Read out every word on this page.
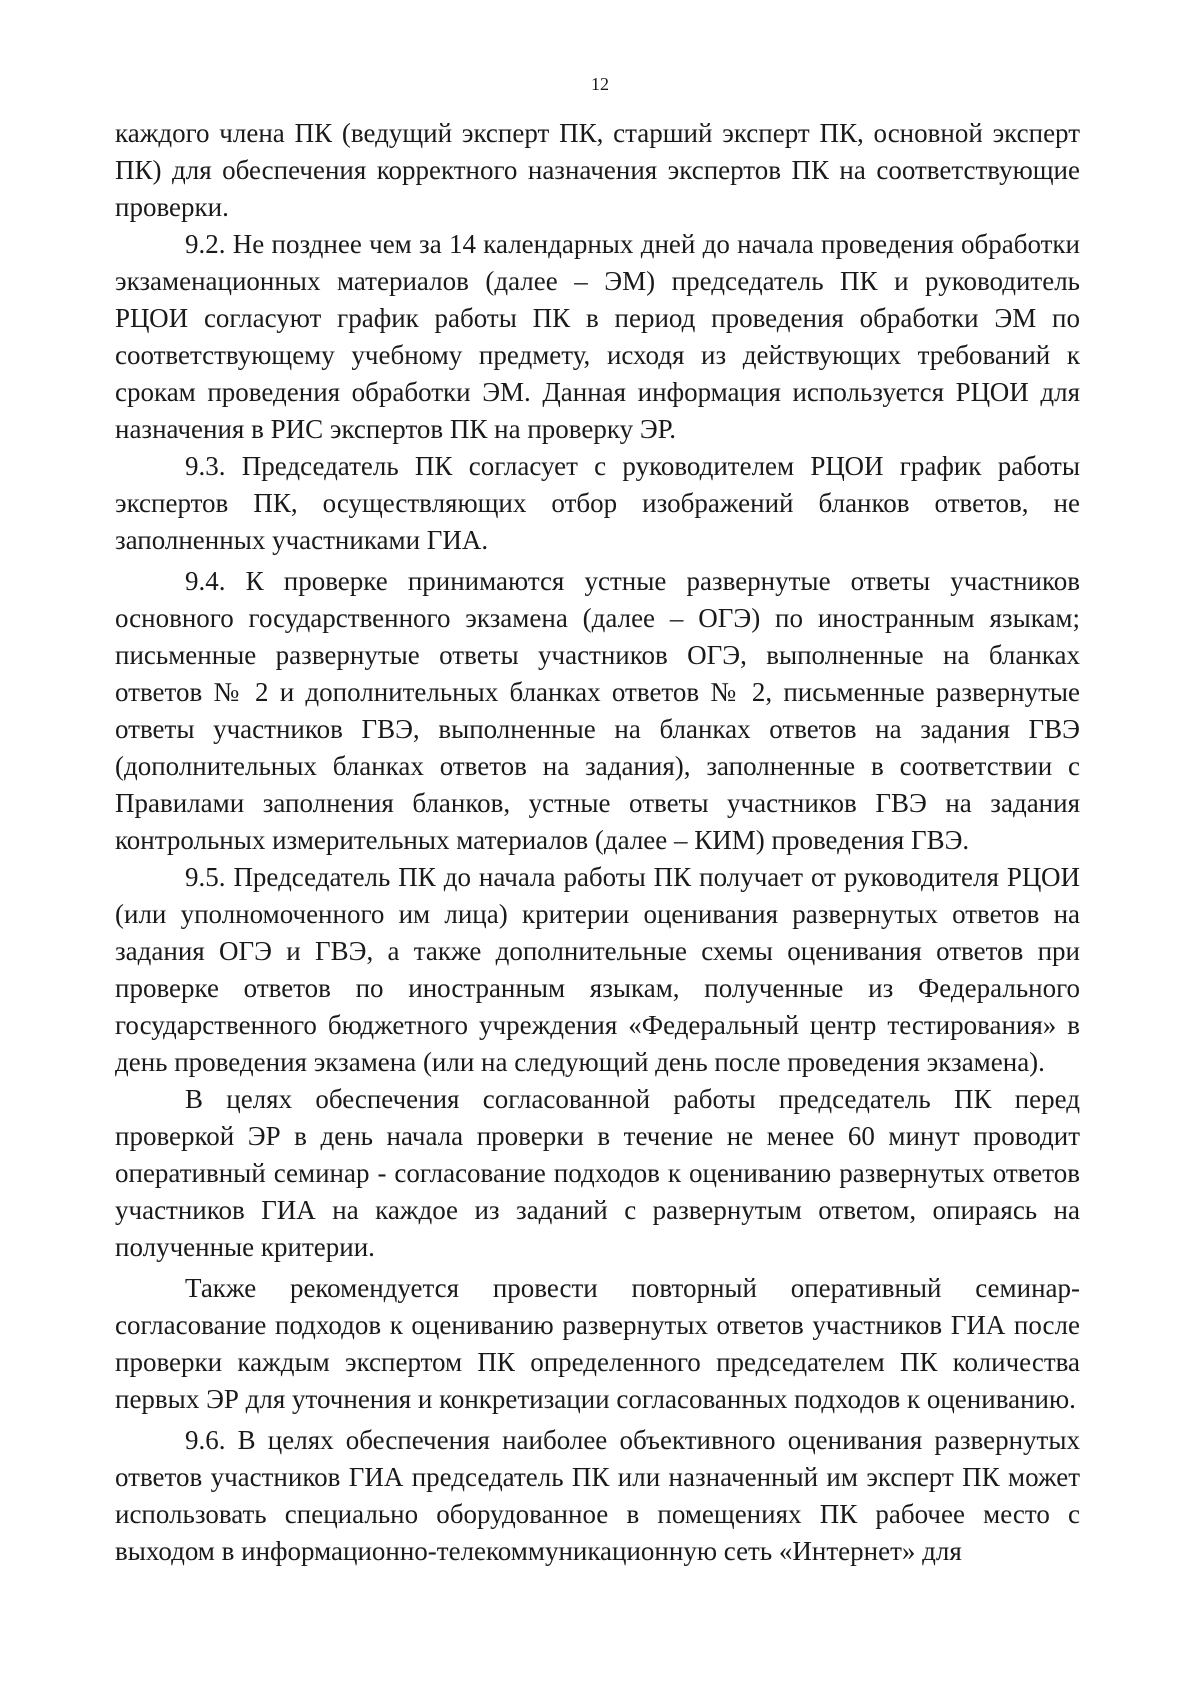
12

каждого члена ПК (ведущий эксперт ПК, старший эксперт ПК, основной эксперт ПК) для обеспечения корректного назначения экспертов ПК на соответствующие проверки.

9.2. Не позднее чем за 14 календарных дней до начала проведения обработки экзаменационных материалов (далее – ЭМ) председатель ПК и руководитель РЦОИ согласуют график работы ПК в период проведения обработки ЭМ по соответствующему учебному предмету, исходя из действующих требований к срокам проведения обработки ЭМ. Данная информация используется РЦОИ для назначения в РИС экспертов ПК на проверку ЭР.

9.3. Председатель ПК согласует с руководителем РЦОИ график работы экспертов ПК, осуществляющих отбор изображений бланков ответов, не заполненных участниками ГИА.

9.4. К проверке принимаются устные развернутые ответы участников основного государственного экзамена (далее – ОГЭ) по иностранным языкам; письменные развернутые ответы участников ОГЭ, выполненные на бланках ответов № 2 и дополнительных бланках ответов № 2, письменные развернутые ответы участников ГВЭ, выполненные на бланках ответов на задания ГВЭ (дополнительных бланках ответов на задания), заполненные в соответствии с Правилами заполнения бланков, устные ответы участников ГВЭ на задания контрольных измерительных материалов (далее – КИМ) проведения ГВЭ.

9.5. Председатель ПК до начала работы ПК получает от руководителя РЦОИ (или уполномоченного им лица) критерии оценивания развернутых ответов на задания ОГЭ и ГВЭ, а также дополнительные схемы оценивания ответов при проверке ответов по иностранным языкам, полученные из Федерального государственного бюджетного учреждения «Федеральный центр тестирования» в день проведения экзамена (или на следующий день после проведения экзамена).

В целях обеспечения согласованной работы председатель ПК перед проверкой ЭР в день начала проверки в течение не менее 60 минут проводит оперативный семинар - согласование подходов к оцениванию развернутых ответов участников ГИА на каждое из заданий с развернутым ответом, опираясь на полученные критерии.

Также рекомендуется провести повторный оперативный семинар-согласование подходов к оцениванию развернутых ответов участников ГИА после проверки каждым экспертом ПК определенного председателем ПК количества первых ЭР для уточнения и конкретизации согласованных подходов к оцениванию.

9.6. В целях обеспечения наиболее объективного оценивания развернутых ответов участников ГИА председатель ПК или назначенный им эксперт ПК может использовать специально оборудованное в помещениях ПК рабочее место с выходом в информационно-телекоммуникационную сеть «Интернет» для
